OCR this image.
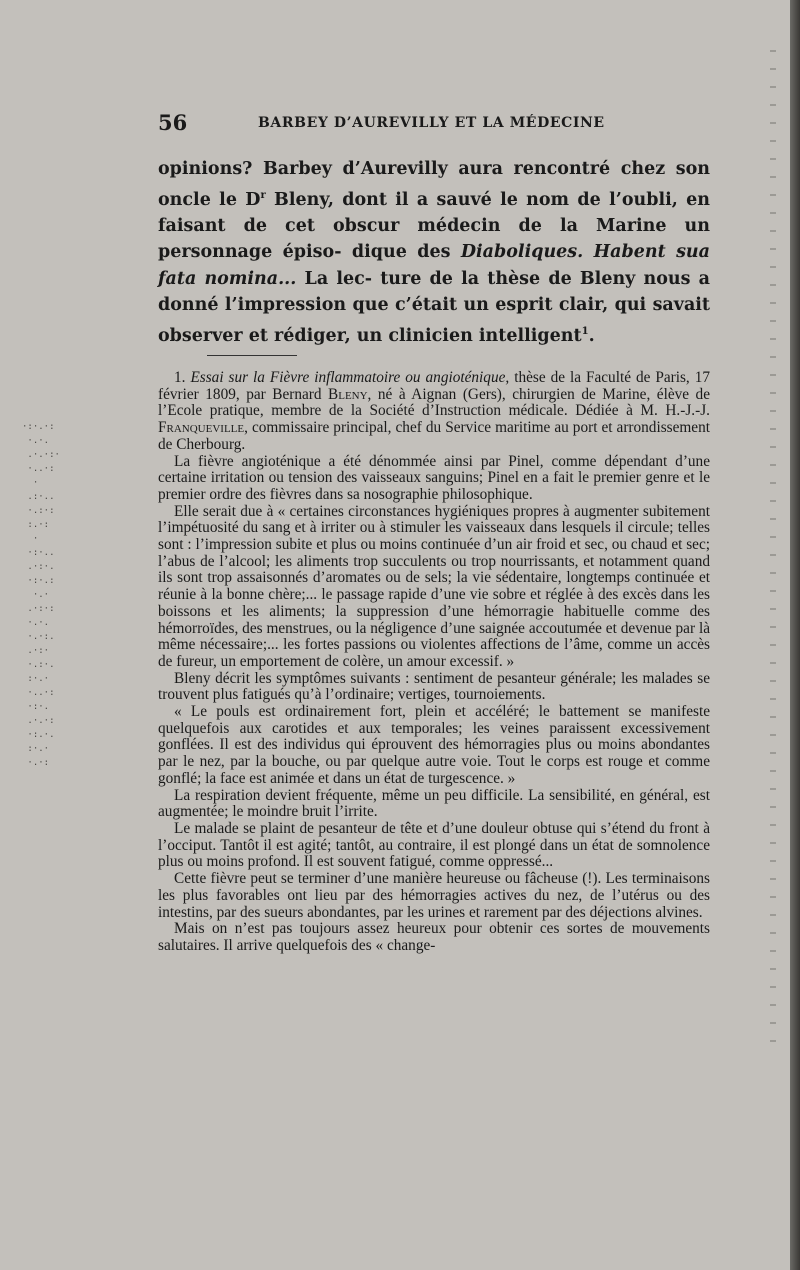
56	BARBEY D’AUREVILLY ET LA MÉDECINE

opinions? Barbey d’Aurevilly aura rencontré chez son oncle le $D^r$ Bleny, dont il a sauvé le nom de l’oubli, en faisant de cet obscur médecin de la Marine un personnage épiso- dique des Diaboliques. Habent sua fata nomina... La lec- ture de la thèse de Bleny nous a donné l’impression que c’était un esprit clair, qui savait observer et rédiger, un clinicien intelligent$^1$.

1. Essai sur la Fièvre inflammatoire ou angioténique, thèse de la Faculté de Paris, 17 février 1809, par Bernard Bleny, né à Aignan (Gers), chirurgien de Marine, élève de l’Ecole pratique, membre de la Société d’Instruction médicale. Dédiée à M. H.-J.-J. Franqueville, commissaire principal, chef du Service maritime au port et arrondissement de Cherbourg.

La fièvre angioténique a été dénommée ainsi par Pinel, comme dépendant d’une certaine irritation ou tension des vaisseaux sanguins; Pinel en a fait le premier genre et le premier ordre des fièvres dans sa nosographie philosophique.

Elle serait due à « certaines circonstances hygiéniques propres à augmenter subitement l’impétuosité du sang et à irriter ou à stimuler les vaisseaux dans lesquels il circule; telles sont : l’impression subite et plus ou moins continuée d’un air froid et sec, ou chaud et sec; l’abus de l’alcool; les aliments trop succulents ou trop nourrissants, et notamment quand ils sont trop assaisonnés d’aromates ou de sels; la vie sédentaire, longtemps continuée et réunie à la bonne chère;... le passage rapide d’une vie sobre et réglée à des excès dans les boissons et les aliments; la suppression d’une hémorragie habituelle comme des hémorroïdes, des menstrues, ou la négligence d’une saignée accoutumée et devenue par là même nécessaire;... les fortes passions ou violentes affections de l’âme, comme un accès de fureur, un emportement de colère, un amour excessif. »

Bleny décrit les symptômes suivants : sentiment de pesanteur générale; les malades se trouvent plus fatigués qu’à l’ordinaire; vertiges, tournoiements.

« Le pouls est ordinairement fort, plein et accéléré; le battement se manifeste quelquefois aux carotides et aux temporales; les veines paraissent excessivement gonflées. Il est des individus qui éprouvent des hémorragies plus ou moins abondantes par le nez, par la bouche, ou par quelque autre voie. Tout le corps est rouge et comme gonflé; la face est animée et dans un état de turgescence. »

La respiration devient fréquente, même un peu difficile. La sensibilité, en général, est augmentée; le moindre bruit l’irrite.

Le malade se plaint de pesanteur de tête et d’une douleur obtuse qui s’étend du front à l’occiput. Tantôt il est agité; tantôt, au contraire, il est plongé dans un état de somnolence plus ou moins profond. Il est souvent fatigué, comme oppressé...

Cette fièvre peut se terminer d’une manière heureuse ou fâcheuse (!). Les terminaisons les plus favorables ont lieu par des hémorragies actives du nez, de l’utérus ou des intestins, par des sueurs abondantes, par les urines et rarement par des déjections alvines.

Mais on n’est pas toujours assez heureux pour obtenir ces sortes de mouvements salutaires. Il arrive quelquefois des « change-

·:·.·:
·.·.
.·.·:·
·..·:
·
.:·..
·.:·:
:.·:
·
·:·..
.·:·.
·:·.:
·.·
.·:·:
·.·.
·.·:.
.·:·
·.:·.
:·.·
·..·:
·:·.
.·.·:
·:.·.
:·.·
·.·:
